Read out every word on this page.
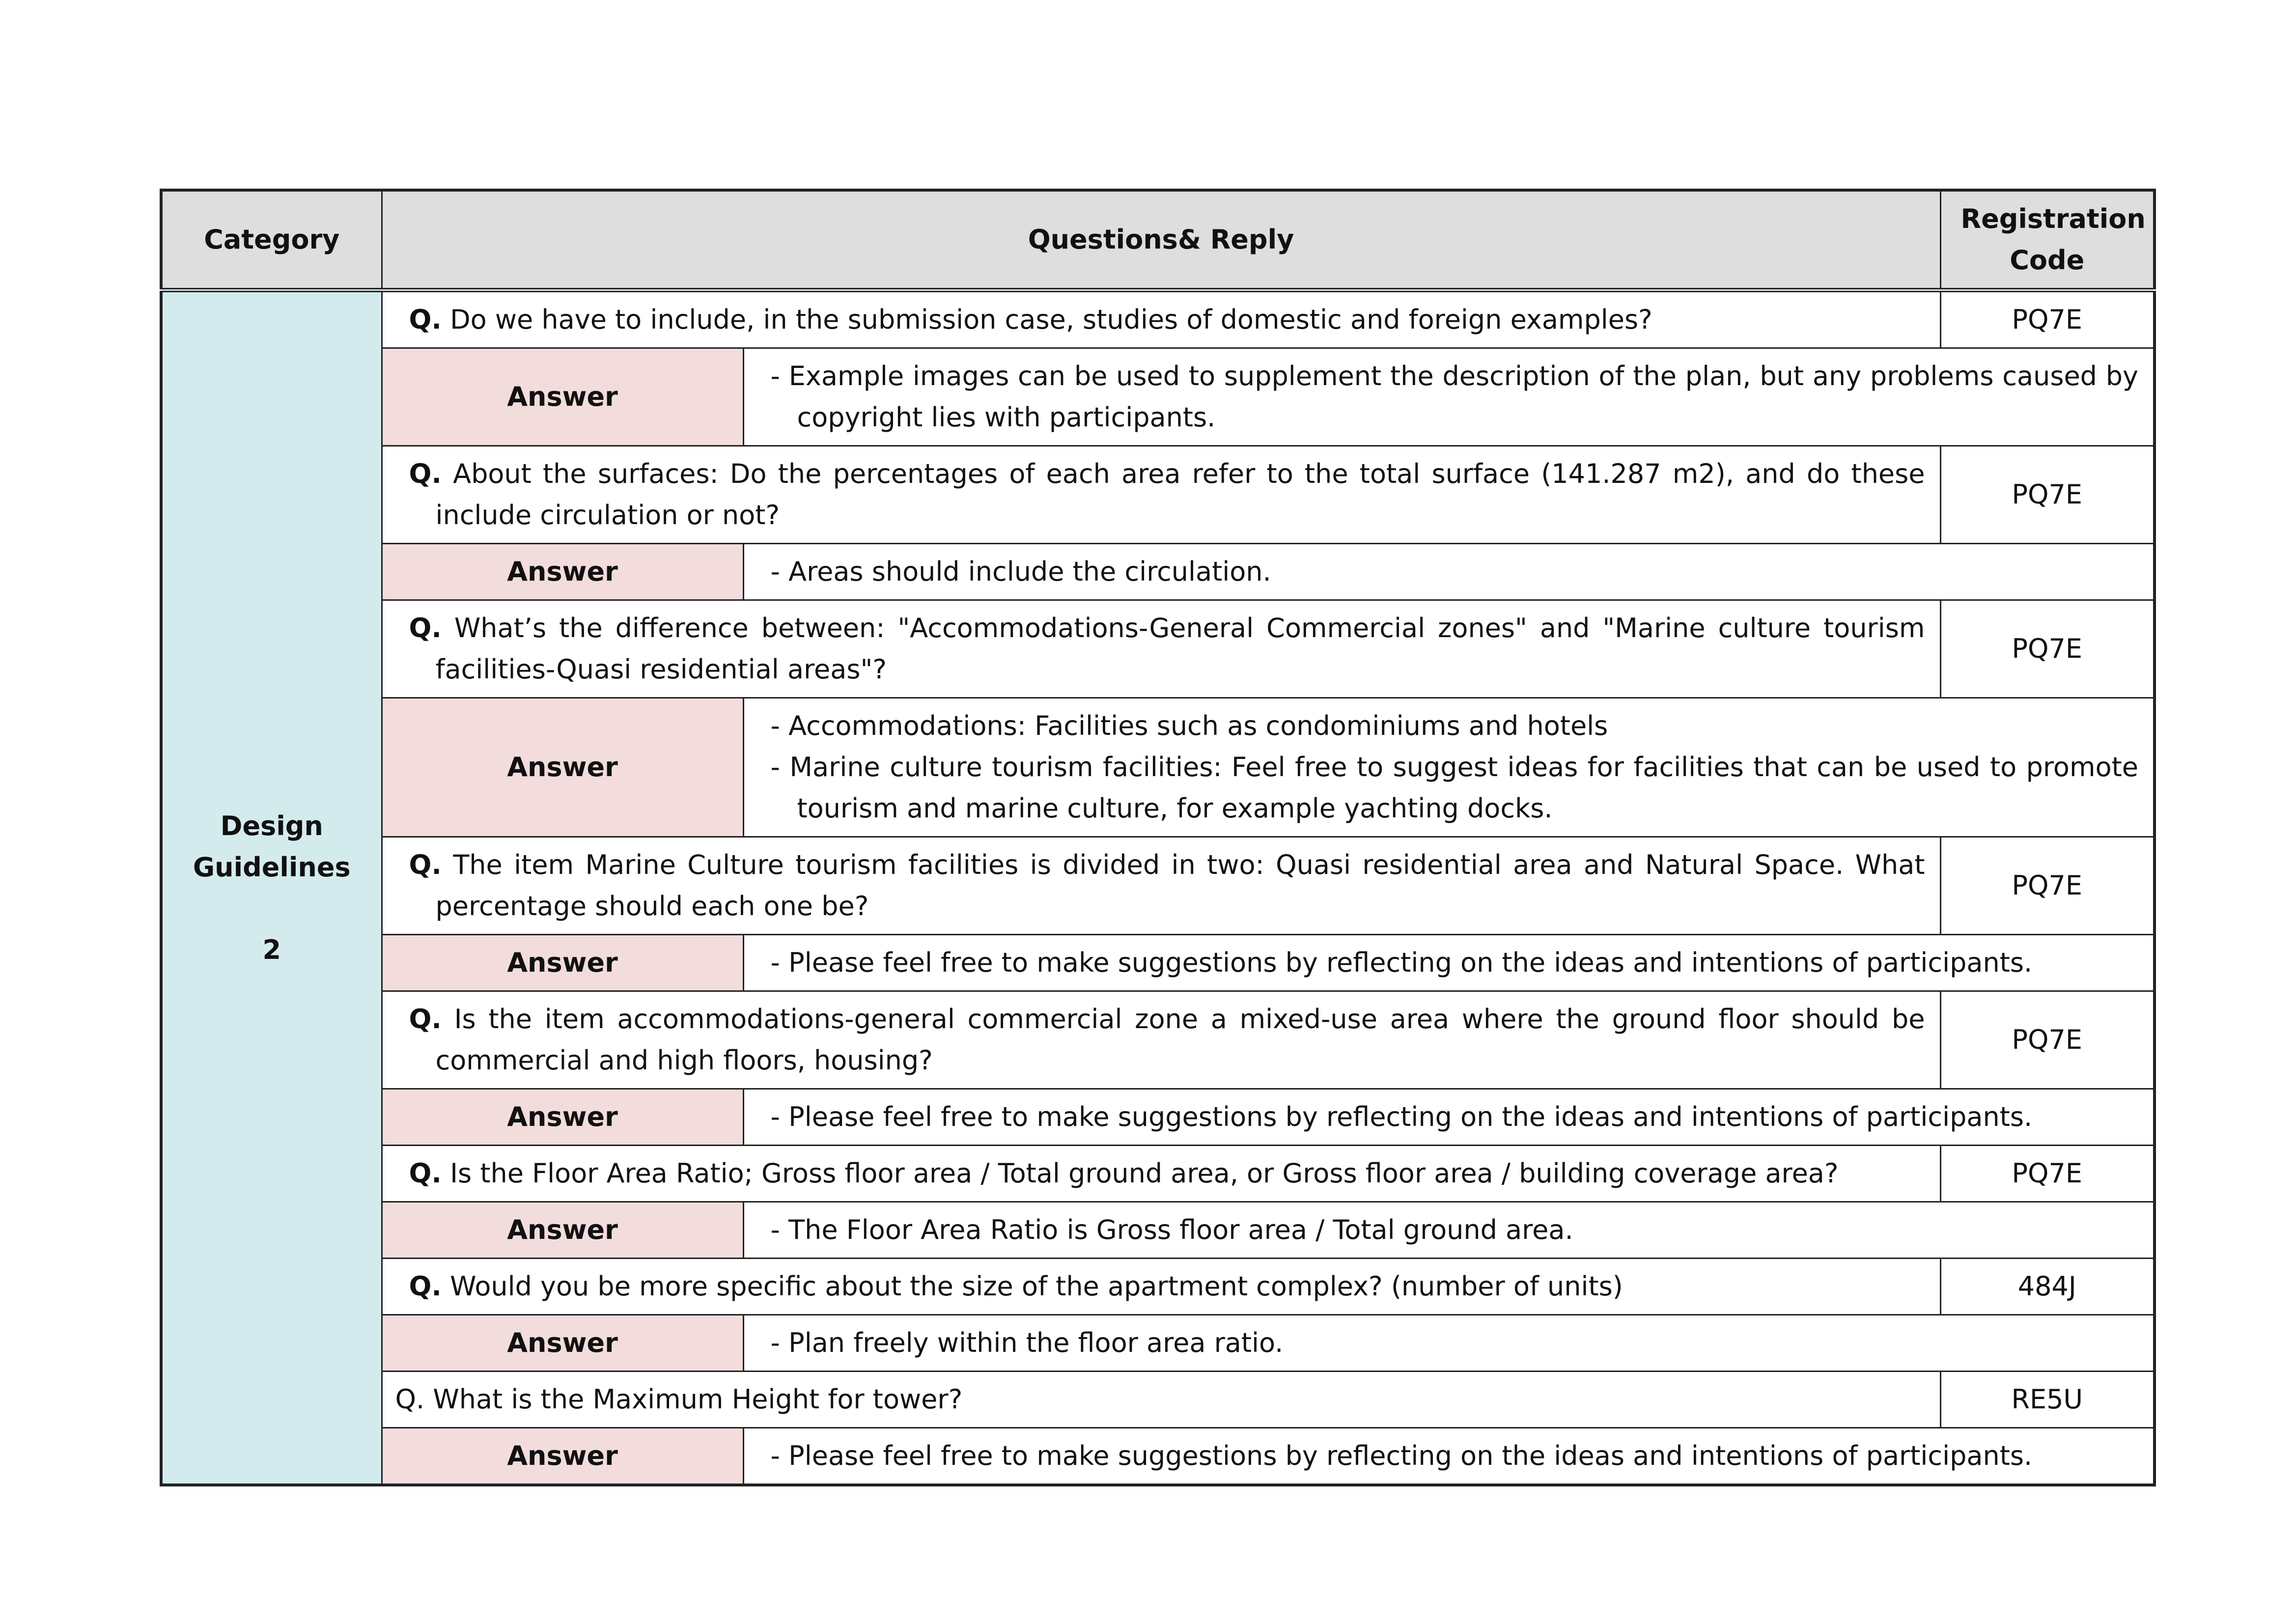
Category	Questions& Reply		Registration Code

Design
Guidelines
2	Q. Do we have to include, in the submission case, studies of domestic and foreign examples?		PQ7E
	Answer	- Example images can be used to supplement the description of the plan, but any problems caused by copyright lies with participants.	

	Q. About the surfaces: Do the percentages of each area refer to the total surface (141.287 m2), and do these include circulation or not?		PQ7E
	Answer	- Areas should include the circulation.	

	Q. What’s the difference between: "Accommodations-General Commercial zones" and "Marine culture tourism facilities-Quasi residential areas"?		PQ7E
	Answer	- Accommodations: Facilities such as condominiums and hotels
- Marine culture tourism facilities: Feel free to suggest ideas for facilities that can be used to promote tourism and marine culture, for example yachting docks.	

	Q. The item Marine Culture tourism facilities is divided in two: Quasi residential area and Natural Space. What percentage should each one be?		PQ7E
	Answer	- Please feel free to make suggestions by reflecting on the ideas and intentions of participants.	

	Q. Is the item accommodations-general commercial zone a mixed-use area where the ground floor should be commercial and high floors, housing?		PQ7E
	Answer	- Please feel free to make suggestions by reflecting on the ideas and intentions of participants.	

	Q. Is the Floor Area Ratio; Gross floor area / Total ground area, or Gross floor area / building coverage area?		PQ7E
	Answer	- The Floor Area Ratio is Gross floor area / Total ground area.	

	Q. Would you be more specific about the size of the apartment complex? (number of units)		484J
	Answer	- Plan freely within the floor area ratio.	

	Q. What is the Maximum Height for tower?		RE5U
	Answer	- Please feel free to make suggestions by reflecting on the ideas and intentions of participants.	
